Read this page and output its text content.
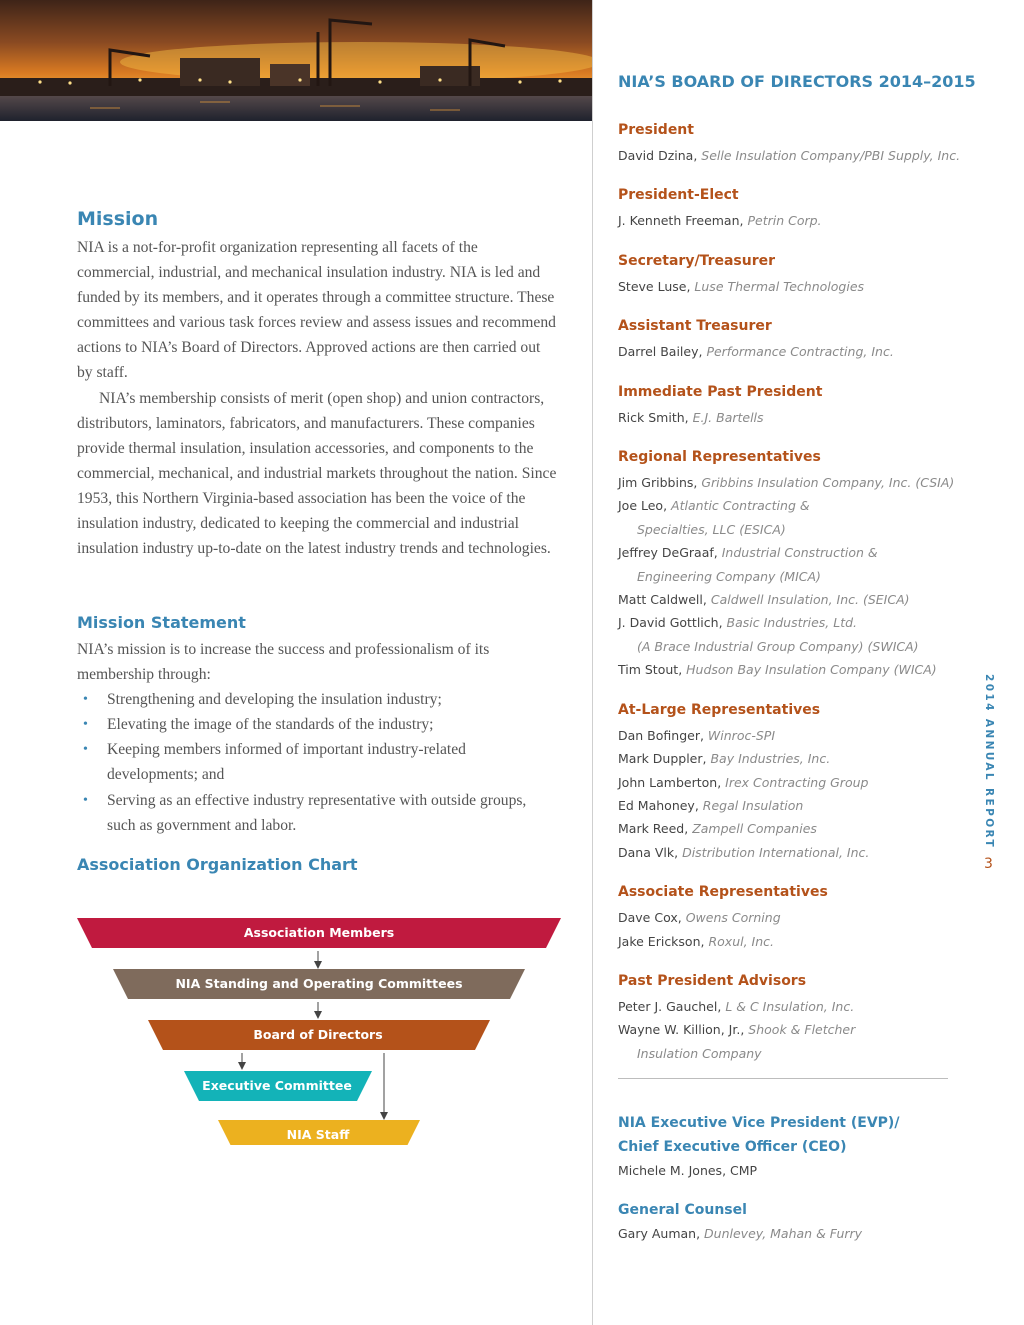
Mission

NIA is a not-for-profit organization representing all facets of the commercial, industrial, and mechanical insulation industry. NIA is led and funded by its members, and it operates through a committee structure. These committees and various task forces review and assess issues and recommend actions to NIA’s Board of Directors. Approved actions are then carried out by staff.

NIA’s membership consists of merit (open shop) and union contractors, distributors, laminators, fabricators, and manufacturers. These companies provide thermal insulation, insulation accessories, and components to the commercial, mechanical, and industrial markets throughout the nation. Since 1953, this Northern Virginia-based association has been the voice of the insulation industry, dedicated to keeping the commercial and industrial insulation industry up-to-date on the latest industry trends and technologies.

Mission Statement

NIA’s mission is to increase the success and professionalism of its membership through:

• Strengthening and developing the insulation industry;
• Elevating the image of the standards of the industry;
• Keeping members informed of important industry-related developments; and
• Serving as an effective industry representative with outside groups, such as government and labor.
Association Organization Chart
Association Members
NIA Standing and Operating Committees
Board of Directors
Executive Committee
NIA Staff
NIA’S BOARD OF DIRECTORS 2014–2015
President
David Dzina, Selle Insulation Company/PBI Supply, Inc.
President-Elect
J. Kenneth Freeman, Petrin Corp.
Secretary/Treasurer
Steve Luse, Luse Thermal Technologies
Assistant Treasurer
Darrel Bailey, Performance Contracting, Inc.
Immediate Past President
Rick Smith, E.J. Bartells
Regional Representatives
Jim Gribbins, Gribbins Insulation Company, Inc. (CSIA)
Joe Leo, Atlantic Contracting &
Specialties, LLC (ESICA)
Jeffrey DeGraaf, Industrial Construction &
Engineering Company (MICA)
Matt Caldwell, Caldwell Insulation, Inc. (SEICA)
J. David Gottlich, Basic Industries, Ltd.
(A Brace Industrial Group Company) (SWICA)
Tim Stout, Hudson Bay Insulation Company (WICA)
At-Large Representatives
Dan Bofinger, Winroc-SPI
Mark Duppler, Bay Industries, Inc.
John Lamberton, Irex Contracting Group
Ed Mahoney, Regal Insulation
Mark Reed, Zampell Companies
Dana Vlk, Distribution International, Inc.
Associate Representatives
Dave Cox, Owens Corning
Jake Erickson, Roxul, Inc.
Past President Advisors
Peter J. Gauchel, L & C Insulation, Inc.
Wayne W. Killion, Jr., Shook & Fletcher
Insulation Company
NIA Executive Vice President (EVP)/
Chief Executive Officer (CEO)
Michele M. Jones, CMP
General Counsel
Gary Auman, Dunlevey, Mahan & Furry
2014 ANNUAL REPORT
3
